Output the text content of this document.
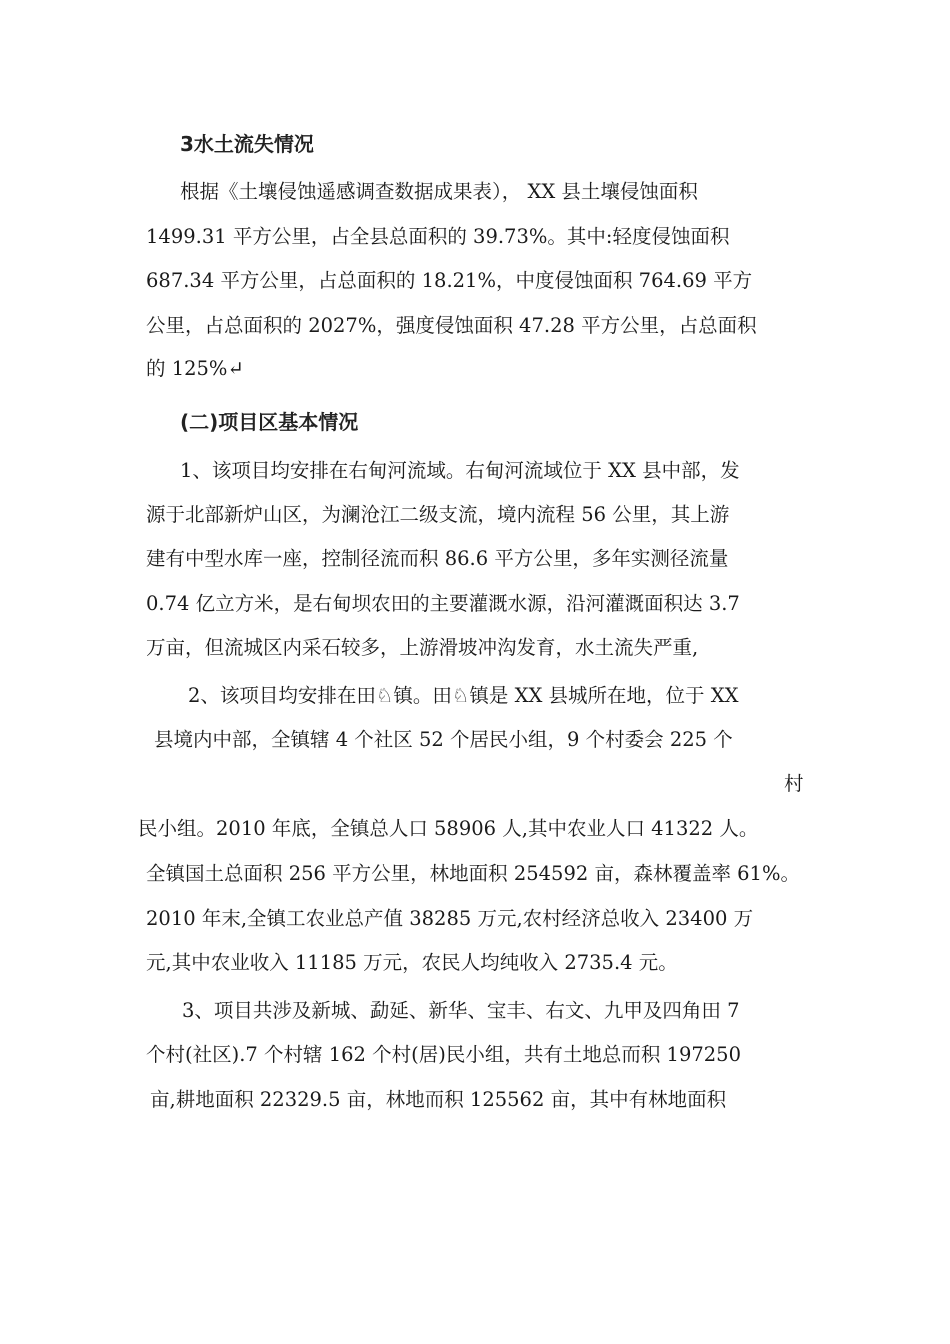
3水土流失情况
根据《土壤侵蚀遥感调查数据成果表）， XX 县土壤侵蚀面积
1499.31 平方公里，占全县总面积的 39.73%。其中:轻度侵蚀面积
687.34 平方公里，占总面积的 18.21%，中度侵蚀面积 764.69 平方
公里，占总面积的 2027%，强度侵蚀面积 47.28 平方公里，占总面积
的 125%↵
(二)项目区基本情况
1、该项目均安排在右甸河流域。右甸河流域位于 XX 县中部，发
源于北部新炉山区，为澜沧江二级支流，境内流程 56 公里，其上游
建有中型水库一座，控制径流而积 86.6 平方公里，多年实测径流量
0.74 亿立方米，是右甸坝农田的主要灌溉水源，沿河灌溉面积达 3.7
万亩，但流城区内采石较多，上游滑坡冲沟发育，水土流失严重,
2、该项目均安排在田♘镇。田♘镇是 XX 县城所在地，位于 XX
县境内中部，全镇辖 4 个社区 52 个居民小组，9 个村委会 225 个
村
民小组。2010 年底，全镇总人口 58906 人,其中农业人口 41322 人。
全镇国土总面积 256 平方公里，林地面积 254592 亩，森林覆盖率 61%。
2010 年末,全镇工农业总产值 38285 万元,农村经济总收入 23400 万
元,其中农业收入 11185 万元，农民人均纯收入 2735.4 元。
3、项目共涉及新城、勐延、新华、宝丰、右文、九甲及四角田 7
个村(社区).7 个村辖 162 个村(居)民小组，共有土地总而积 197250
亩,耕地面积 22329.5 亩，林地而积 125562 亩，其中有林地面积
